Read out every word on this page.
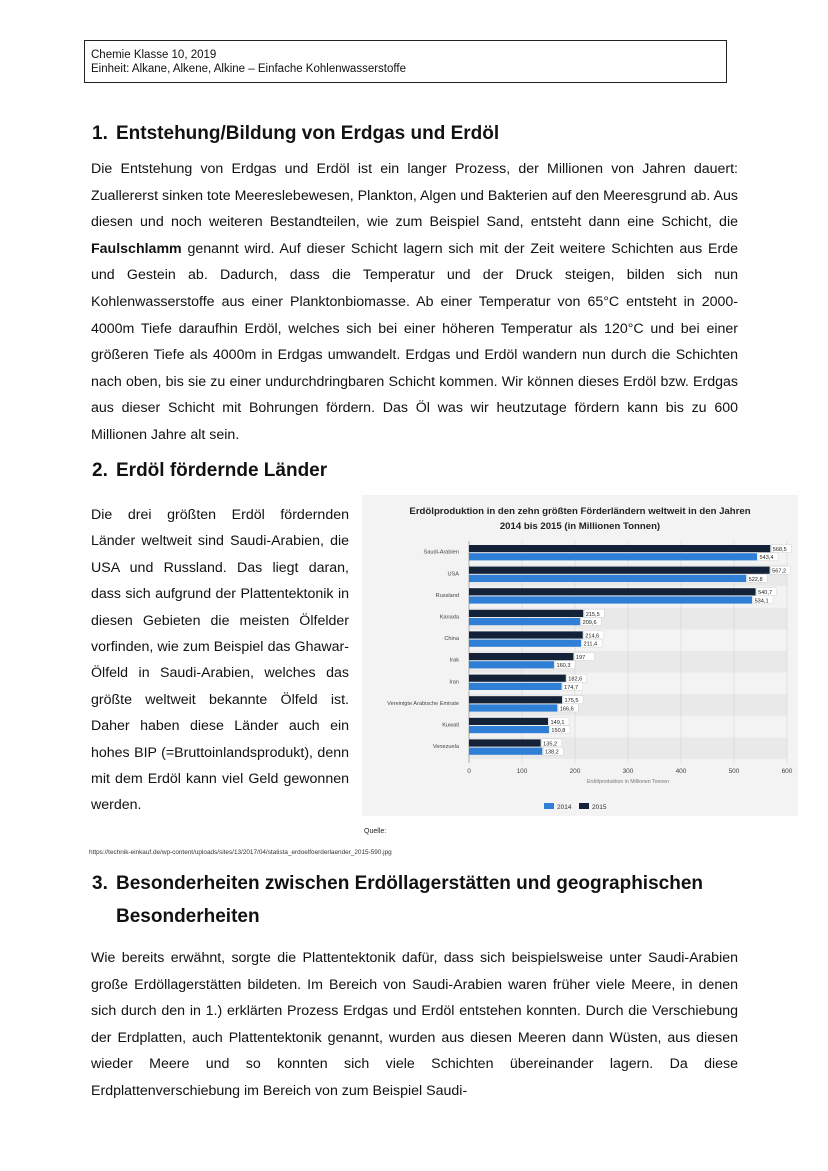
Chemie Klasse 10, 2019
Einheit: Alkane, Alkene, Alkine – Einfache Kohlenwasserstoffe
1. Entstehung/Bildung von Erdgas und Erdöl
Die Entstehung von Erdgas und Erdöl ist ein langer Prozess, der Millionen von Jahren dauert: Zuallererst sinken tote Meereslebewesen, Plankton, Algen und Bakterien auf den Meeresgrund ab. Aus diesen und noch weiteren Bestandteilen, wie zum Beispiel Sand, entsteht dann eine Schicht, die Faulschlamm genannt wird. Auf dieser Schicht lagern sich mit der Zeit weitere Schichten aus Erde und Gestein ab. Dadurch, dass die Temperatur und der Druck steigen, bilden sich nun Kohlenwasserstoffe aus einer Planktonbiomasse. Ab einer Temperatur von 65°C entsteht in 2000-4000m Tiefe daraufhin Erdöl, welches sich bei einer höheren Temperatur als 120°C und bei einer größeren Tiefe als 4000m in Erdgas umwandelt. Erdgas und Erdöl wandern nun durch die Schichten nach oben, bis sie zu einer undurchdringbaren Schicht kommen. Wir können dieses Erdöl bzw. Erdgas aus dieser Schicht mit Bohrungen fördern. Das Öl was wir heutzutage fördern kann bis zu 600 Millionen Jahre alt sein.
2. Erdöl fördernde Länder
Die drei größten Erdöl fördernden Länder weltweit sind Saudi-Arabien, die USA und Russland. Das liegt daran, dass sich aufgrund der Plattentektonik in diesen Gebieten die meisten Ölfelder vorfinden, wie zum Beispiel das Ghawar-Ölfeld in Saudi-Arabien, welches das größte weltweit bekannte Ölfeld ist. Daher haben diese Länder auch ein hohes BIP (=Bruttoinlandsprodukt), denn mit dem Erdöl kann viel Geld gewonnen werden.
Erdölproduktion in den zehn größten Förderländern weltweit in den Jahren
2014 bis 2015 (in Millionen Tonnen)
0	100	200	300	400	500	600
Erdölproduktion in Millionen Tonnen
Saudi-Arabien	568,5
543,4
USA	567,2
522,8
Russland	540,7
534,1
Kanada	215,5
209,6
China	214,6
211,4
Irak	197
160,3
Iran	182,6
174,7
Vereinigte Arabische Emirate	175,5
166,6
Kuwait	149,1
150,8
Venezuela	135,2
138,2
2014	2015
Quelle:
https://technik-einkauf.de/wp-content/uploads/sites/13/2017/04/statista_erdoelfoerderlaender_2015-590.jpg
3. Besonderheiten zwischen Erdöllagerstätten und geographischen
Besonderheiten
Wie bereits erwähnt, sorgte die Plattentektonik dafür, dass sich beispielsweise unter Saudi-Arabien große Erdöllagerstätten bildeten. Im Bereich von Saudi-Arabien waren früher viele Meere, in denen sich durch den in 1.) erklärten Prozess Erdgas und Erdöl entstehen konnten. Durch die Verschiebung der Erdplatten, auch Plattentektonik genannt, wurden aus diesen Meeren dann Wüsten, aus diesen wieder Meere und so konnten sich viele Schichten übereinander lagern. Da diese Erdplattenverschiebung im Bereich von zum Beispiel Saudi-
